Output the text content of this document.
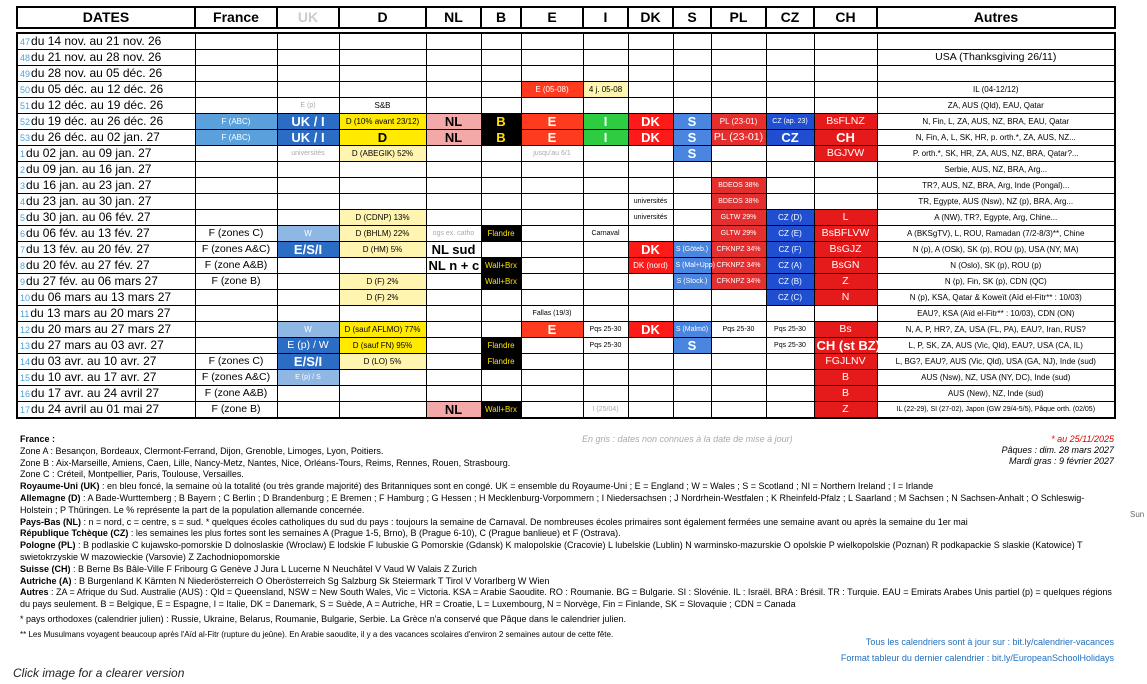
DATES	France	UK	D	NL	B	E	I	DK	S	PL	CZ	CH	Autres
47du 14 nov. au 21 nov. 26													
48du 21 nov. au 28 nov. 26													USA (Thanksgiving 26/11)
49du 28 nov. au 05 déc. 26													
50du 05 déc. au 12 déc. 26						E (05-08)	4 j. 05-08						IL (04-12/12)
51du 12 déc. au 19 déc. 26		E (p)	S&B										ZA, AUS (Qld), EAU, Qatar
52du 19 déc. au 26 déc. 26	F (ABC)	UK / I	D (10% avant 23/12)	NL	B	E	I	DK	S	PL (23-01)	CZ (ap. 23)	BsFLNZ	N, Fin, L, ZA, AUS, NZ, BRA, EAU, Qatar
53du 26 déc. au 02 jan. 27	F (ABC)	UK / I	D	NL	B	E	I	DK	S	PL (23-01)	CZ	CH	N, Fin, A, L, SK, HR, p. orth.*, ZA, AUS, NZ...
1du 02 jan. au 09 jan. 27		universités	D (ABEGIK) 52%			jusqu'au 6/1			S			BGJVW	P. orth.*, SK, HR, ZA, AUS, NZ, BRA, Qatar?...
2du 09 jan. au 16 jan. 27													Serbie, AUS, NZ, BRA, Arg...
3du 16 jan. au 23 jan. 27										BDEOS 38%			TR?, AUS, NZ, BRA, Arg, Inde (Pongal)...
4du 23 jan. au 30 jan. 27								universités		BDEOS 38%			TR, Egypte, AUS (Nsw), NZ (p), BRA, Arg...
5du 30 jan. au 06 fév. 27			D (CDNP) 13%					universités		GLTW 29%	CZ (D)	L	A (NW), TR?, Egypte, Arg, Chine...
6du 06 fév. au 13 fév. 27	F (zones C)	W	D (BHLM) 22%	ogs ex. catho	Flandre		Carnaval			GLTW 29%	CZ (E)	BsBFLVW	A (BKSgTV), L, ROU, Ramadan (7/2-8/3)**, Chine
7du 13 fév. au 20 fév. 27	F (zones A&C)	E/S/I	D (HM) 5%	NL sud				DK	S (Göteb.)	CFKNPZ 34%	CZ (F)	BsGJZ	N (p), A (OSk), SK (p), ROU (p), USA (NY, MA)
8du 20 fév. au 27 fév. 27	F (zone A&B)			NL n + c	Wall+Brx			DK (nord)	S (Mal+Upp)	CFKNPZ 34%	CZ (A)	BsGN	N (Oslo), SK (p), ROU (p)
9du 27 fév. au 06 mars 27	F (zone B)		D (F) 2%		Wall+Brx				S (Stock.)	CFKNPZ 34%	CZ (B)	Z	N (p), Fin, SK (p), CDN (QC)
10du 06 mars au 13 mars 27			D (F) 2%								CZ (C)	N	N (p), KSA, Qatar & Koweït (Aïd el-Fitr** : 10/03)
11du 13 mars au 20 mars 27						Fallas (19/3)							EAU?, KSA (Aïd el-Fitr** : 10/03), CDN (ON)
12du 20 mars au 27 mars 27		W	D (sauf AFLMO) 77%			E	Pqs 25-30	DK	S (Malmö)	Pqs 25-30	Pqs 25-30	Bs	N, A, P, HR?, ZA, USA (FL, PA), EAU?, Iran, RUS?
13du 27 mars au 03 avr. 27		E (p) / W	D (sauf FN) 95%		Flandre		Pqs 25-30		S		Pqs 25-30	CH (st BZ)	L, P, SK, ZA, AUS (Vic, Qld), EAU?, USA (CA, IL)
14du 03 avr. au 10 avr. 27	F (zones C)	E/S/I	D (LO) 5%		Flandre							FGJLNV	L, BG?, EAU?, AUS (Vic, Qld), USA (GA, NJ), Inde (sud)
15du 10 avr. au 17 avr. 27	F (zones A&C)	E (p) / S										B	AUS (Nsw), NZ, USA (NY, DC), Inde (sud)
16du 17 avr. au 24 avril 27	F (zone A&B)											B	AUS (New), NZ, Inde (sud)
17du 24 avril au 01 mai 27	F (zone B)			NL	Wall+Brx		I (25/04)					Z	IL (22-29), SI (27-02), Japon (GW 29/4-5/5), Pâque orth. (02/05)

France :

Zone A : Besançon, Bordeaux, Clermont-Ferrand, Dijon, Grenoble, Limoges, Lyon, Poitiers.

Zone B : Aix-Marseille, Amiens, Caen, Lille, Nancy-Metz, Nantes, Nice, Orléans-Tours, Reims, Rennes, Rouen, Strasbourg.

Zone C : Créteil, Montpellier, Paris, Toulouse, Versailles.

Royaume-Uni (UK) : en bleu foncé, la semaine où la totalité (ou très grande majorité) des Britanniques sont en congé. UK = ensemble du Royaume-Uni ; E = England ; W = Wales ; S = Scotland ; NI = Northern Ireland ; I = Irlande

Allemagne (D) : A Bade-Wurttemberg ; B Bayern ; C Berlin ; D Brandenburg ; E Bremen ; F Hamburg ; G Hessen ; H Mecklenburg-Vorpommern ; I Niedersachsen ; J Nordrhein-Westfalen ; K Rheinfeld-Pfalz ; L Saarland ; M Sachsen ; N Sachsen-Anhalt ; O Schleswig-Holstein ; P Thüringen. Le % représente la part de la population allemande concernée.

Pays-Bas (NL) : n = nord, c = centre, s = sud. * quelques écoles catholiques du sud du pays : toujours la semaine de Carnaval. De nombreuses écoles primaires sont également fermées une semaine avant ou après la semaine du 1er mai

République Tchèque (CZ) : les semaines les plus fortes sont les semaines A (Prague 1-5, Brno), B (Prague 6-10), C (Prague banlieue) et F (Ostrava).

Pologne (PL) : B podlaskie C kujawsko-pomorskie D dolnoslaskie (Wroclaw) E lodskie F lubuskie G Pomorskie (Gdansk) K malopolskie (Cracovie) L lubelskie (Lublin) N warminsko-mazurskie O opolskie P wielkopolskie (Poznan) R podkapackie S slaskie (Katowice) T swietokrzyskie W mazowieckie (Varsovie) Z Zachodniopomorskie

Suisse (CH) : B Berne Bs Bâle-Ville F Fribourg G Genève J Jura L Lucerne N Neuchâtel V Vaud W Valais Z Zurich

Autriche (A) : B Burgenland K Kärnten N Niederösterreich O Oberösterreich Sg Salzburg Sk Steiermark T Tirol V Vorarlberg W Wien

Autres : ZA = Afrique du Sud. Australie (AUS) : Qld = Queensland, NSW = New South Wales, Vic = Victoria. KSA = Arabie Saoudite. RO : Roumanie. BG = Bulgarie. SI : Slovénie. IL : Israël. BRA : Brésil. TR : Turquie. EAU = Emirats Arabes Unis partiel (p) = quelques régions du pays seulement. B = Belgique, E = Espagne, I = Italie, DK = Danemark, S = Suède, A = Autriche, HR = Croatie, L = Luxembourg, N = Norvège, Fin = Finlande, SK = Slovaquie ; CDN = Canada

* pays orthodoxes (calendrier julien) : Russie, Ukraine, Belarus, Roumanie, Bulgarie, Serbie. La Grèce n'a conservé que Pâque dans le calendrier julien.

** Les Musulmans voyagent beaucoup après l'Aïd al-Fitr (rupture du jeûne). En Arabie saoudite, il y a des vacances scolaires d'environ 2 semaines autour de cette fête.

En gris : dates non connues à la date de mise à jour)	* au 25/11/2025
Pâques : dim. 28 mars 2027
Mardi gras : 9 février 2027
Tous les calendriers sont à jour sur : bit.ly/calendrier-vacances
Format tableur du dernier calendrier : bit.ly/EuropeanSchoolHolidays
Click image for a clearer version
Sun
